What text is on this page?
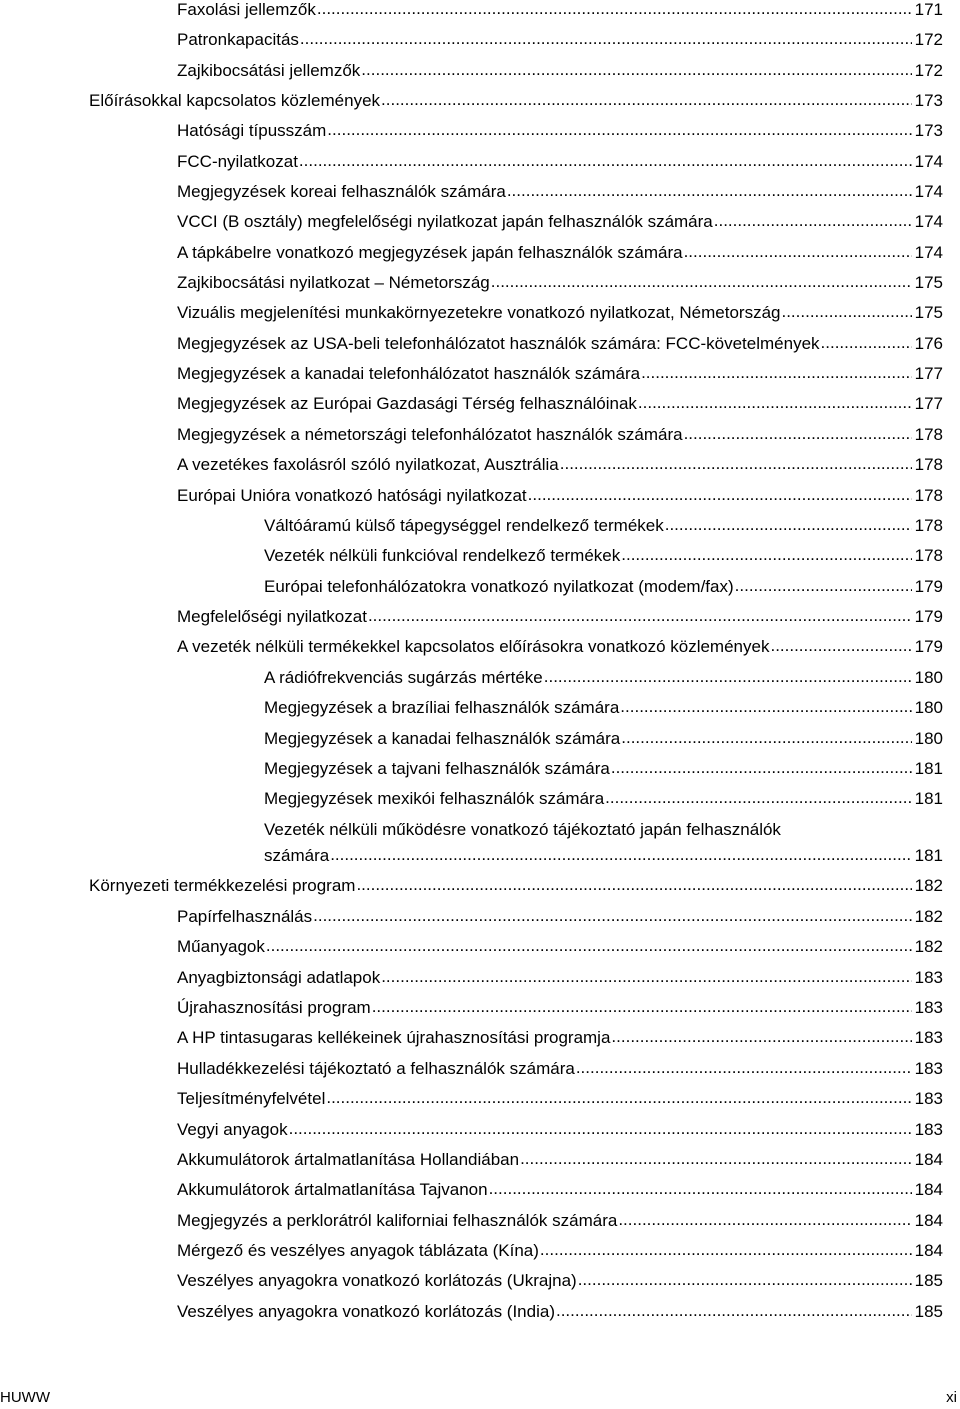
Faxolási jellemzők .....	171
Patronkapacitás .....	172
Zajkibocsátási jellemzők .....	172
Előírásokkal kapcsolatos közlemények .....	173
Hatósági típusszám .....	173
FCC-nyilatkozat .....	174
Megjegyzések koreai felhasználók számára .....	174
VCCI (B osztály) megfelelőségi nyilatkozat japán felhasználók számára .....	174
A tápkábelre vonatkozó megjegyzések japán felhasználók számára .....	174
Zajkibocsátási nyilatkozat – Németország .....	175
Vizuális megjelenítési munkakörnyezetekre vonatkozó nyilatkozat, Németország .....	175
Megjegyzések az USA-beli telefonhálózatot használók számára: FCC-követelmények .....	176
Megjegyzések a kanadai telefonhálózatot használók számára .....	177
Megjegyzések az Európai Gazdasági Térség felhasználóinak .....	177
Megjegyzések a németországi telefonhálózatot használók számára .....	178
A vezetékes faxolásról szóló nyilatkozat, Ausztrália .....	178
Európai Unióra vonatkozó hatósági nyilatkozat .....	178
Váltóáramú külső tápegységgel rendelkező termékek .....	178
Vezeték nélküli funkcióval rendelkező termékek .....	178
Európai telefonhálózatokra vonatkozó nyilatkozat (modem/fax) .....	179
Megfelelőségi nyilatkozat .....	179
A vezeték nélküli termékekkel kapcsolatos előírásokra vonatkozó közlemények .....	179
A rádiófrekvenciás sugárzás mértéke .....	180
Megjegyzések a brazíliai felhasználók számára .....	180
Megjegyzések a kanadai felhasználók számára .....	180
Megjegyzések a tajvani felhasználók számára .....	181
Megjegyzések mexikói felhasználók számára .....	181
Vezeték nélküli működésre vonatkozó tájékoztató japán felhasználók
számára .....	181
Környezeti termékkezelési program .....	182
Papírfelhasználás .....	182
Műanyagok .....	182
Anyagbiztonsági adatlapok .....	183
Újrahasznosítási program .....	183
A HP tintasugaras kellékeinek újrahasznosítási programja .....	183
Hulladékkezelési tájékoztató a felhasználók számára .....	183
Teljesítményfelvétel .....	183
Vegyi anyagok .....	183
Akkumulátorok ártalmatlanítása Hollandiában .....	184
Akkumulátorok ártalmatlanítása Tajvanon .....	184
Megjegyzés a perklorátról kaliforniai felhasználók számára .....	184
Mérgező és veszélyes anyagok táblázata (Kína) .....	184
Veszélyes anyagokra vonatkozó korlátozás (Ukrajna) .....	185
Veszélyes anyagokra vonatkozó korlátozás (India) .....	185
HUWW	xi
